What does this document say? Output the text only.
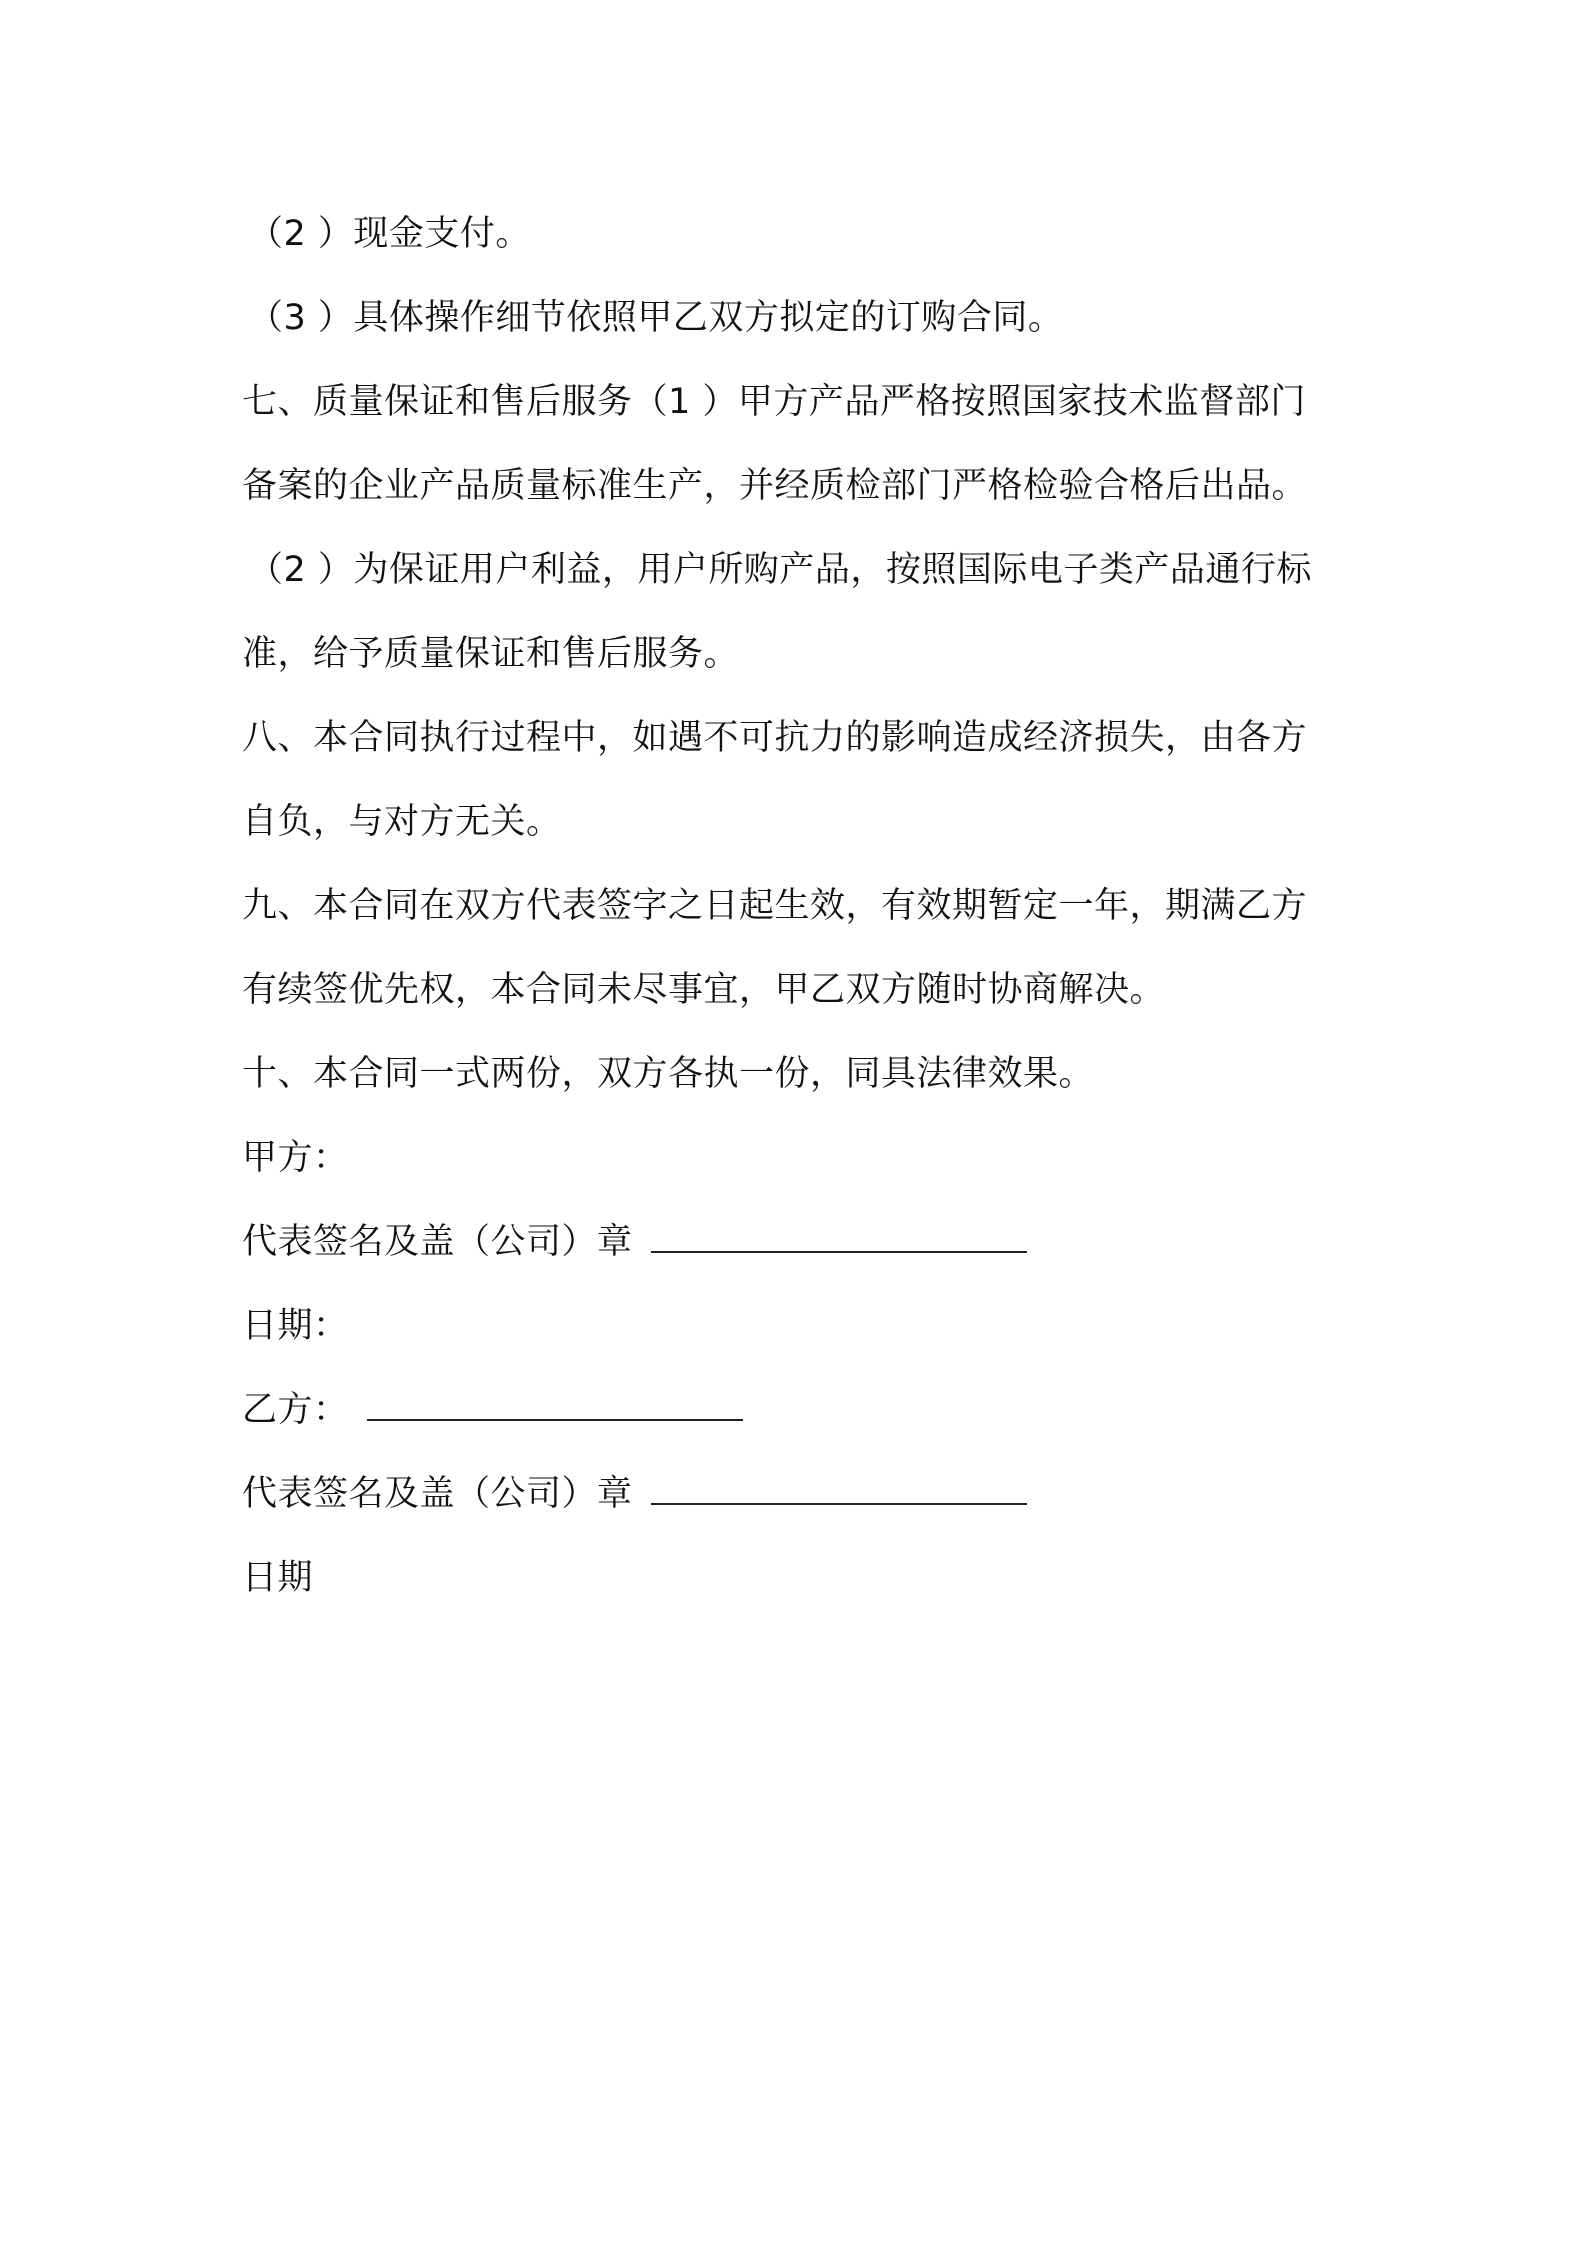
（2 ）现金支付。
（3 ）具体操作细节依照甲乙双方拟定的订购合同。
七、质量保证和售后服务（1 ）甲方产品严格按照国家技术监督部门
备案的企业产品质量标准生产，并经质检部门严格检验合格后出品。
（2 ）为保证用户利益，用户所购产品，按照国际电子类产品通行标
准，给予质量保证和售后服务。
八、本合同执行过程中，如遇不可抗力的影响造成经济损失，由各方
自负，与对方无关。
九、本合同在双方代表签字之日起生效，有效期暂定一年，期满乙方
有续签优先权，本合同未尽事宜，甲乙双方随时协商解决。
十、本合同一式两份，双方各执一份，同具法律效果。
甲方：
代表签名及盖（公司）章
日期：
乙方：
代表签名及盖（公司）章
日期
